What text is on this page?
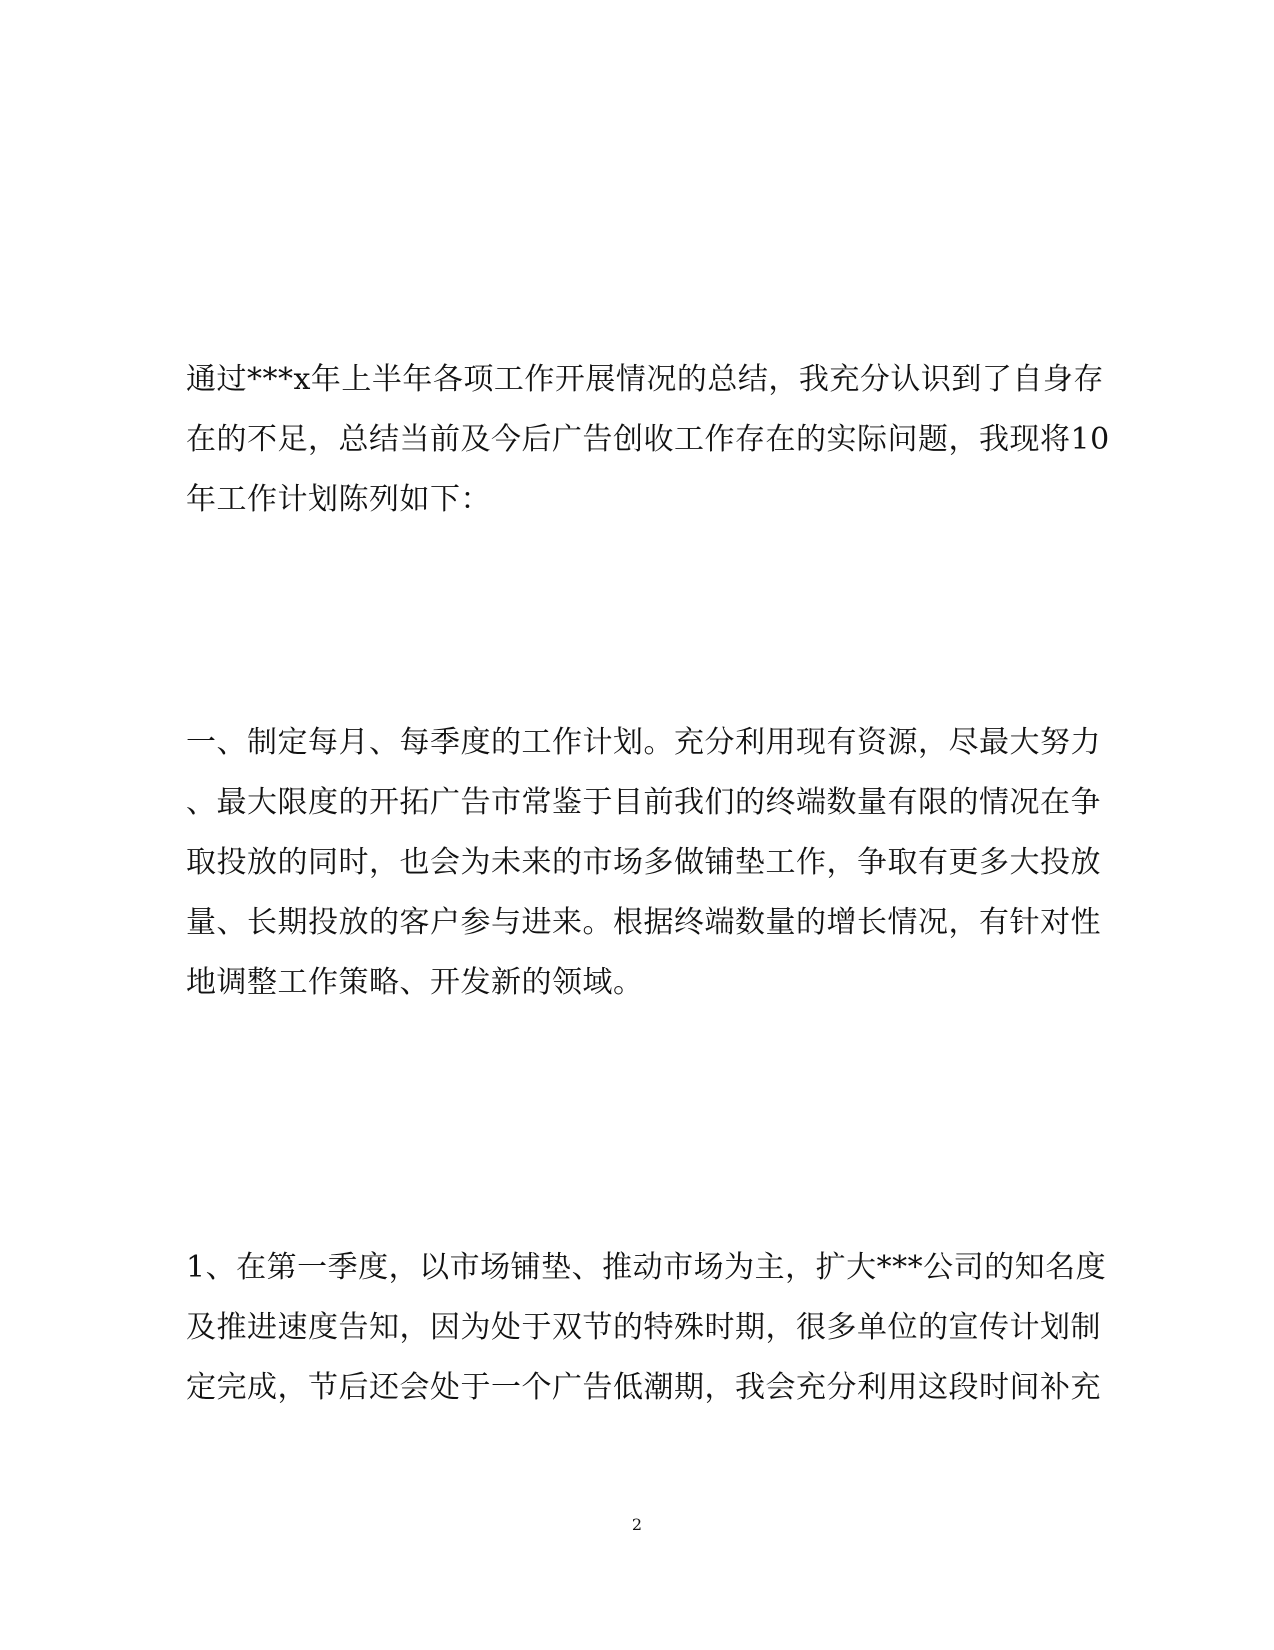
通过***x年上半年各项工作开展情况的总结，我充分认识到了自身存
在的不足，总结当前及今后广告创收工作存在的实际问题，我现将10
年工作计划陈列如下：
一、制定每月、每季度的工作计划。充分利用现有资源，尽最大努力
、最大限度的开拓广告市常鉴于目前我们的终端数量有限的情况在争
取投放的同时，也会为未来的市场多做铺垫工作，争取有更多大投放
量、长期投放的客户参与进来。根据终端数量的增长情况，有针对性
地调整工作策略、开发新的领域。
1、在第一季度，以市场铺垫、推动市场为主，扩大***公司的知名度
及推进速度告知，因为处于双节的特殊时期，很多单位的宣传计划制
定完成，节后还会处于一个广告低潮期，我会充分利用这段时间补充
2
